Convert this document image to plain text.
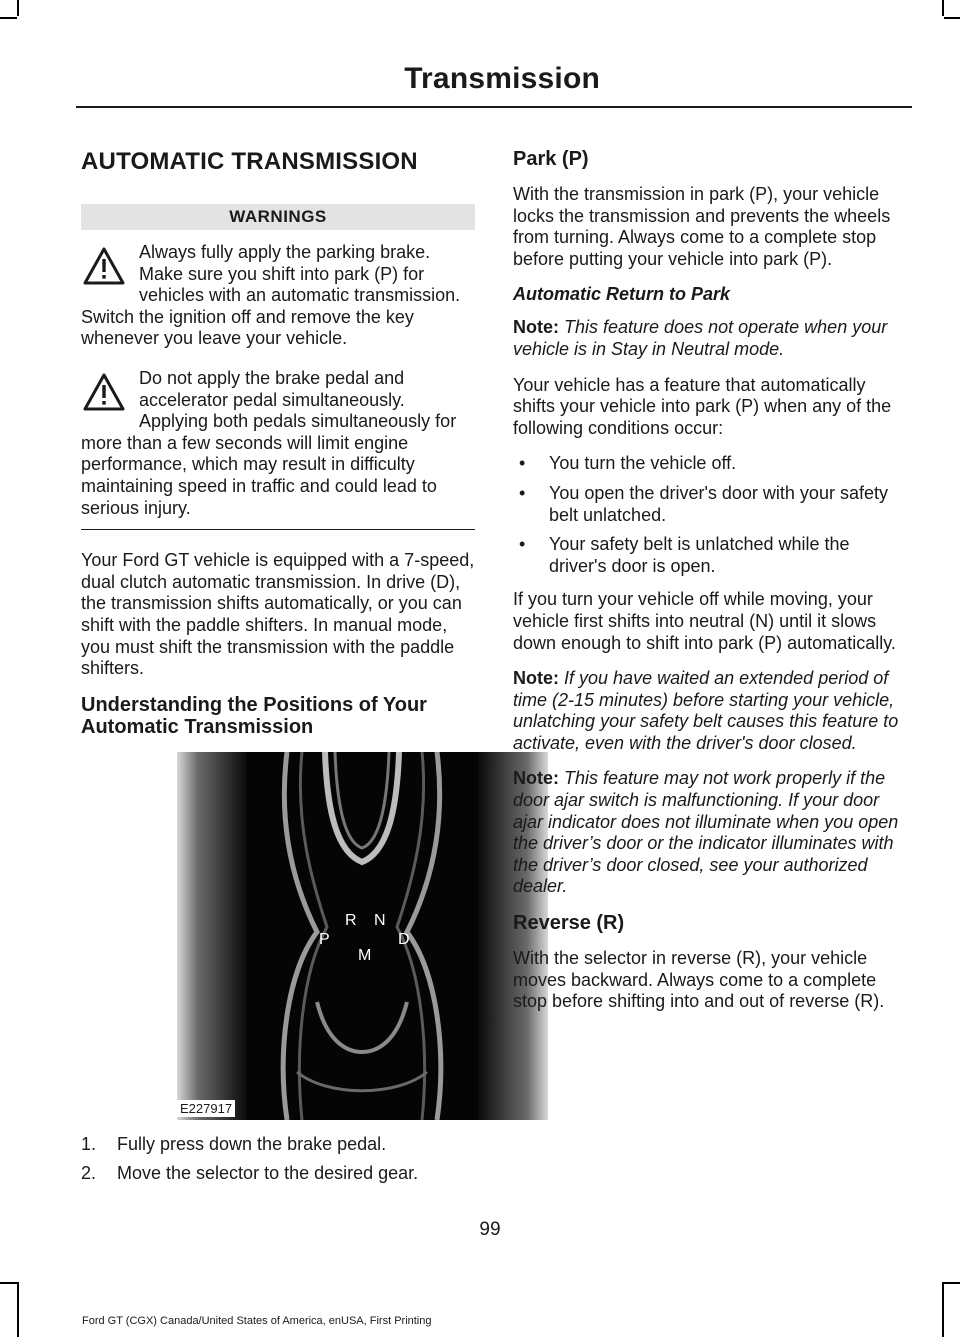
Transmission
AUTOMATIC TRANSMISSION
WARNINGS
Always fully apply the parking brake. Make sure you shift into park (P) for vehicles with an automatic transmission. Switch the ignition off and remove the key whenever you leave your vehicle.
Do not apply the brake pedal and accelerator pedal simultaneously. Applying both pedals simultaneously for more than a few seconds will limit engine performance, which may result in difficulty maintaining speed in traffic and could lead to serious injury.

Your Ford GT vehicle is equipped with a 7-speed, dual clutch automatic transmission. In drive (D), the transmission shifts automatically, or you can shift with the paddle shifters. In manual mode, you must shift the transmission with the paddle shifters.

Understanding the Positions of Your Automatic Transmission
R N
P	D
M
E227917
1. Fully press down the brake pedal.
2. Move the selector to the desired gear.
Park (P)

With the transmission in park (P), your vehicle locks the transmission and prevents the wheels from turning. Always come to a complete stop before putting your vehicle into park (P).

Automatic Return to Park

Note: This feature does not operate when your vehicle is in Stay in Neutral mode.

Your vehicle has a feature that automatically shifts your vehicle into park (P) when any of the following conditions occur:

• You turn the vehicle off.
• You open the driver's door with your safety belt unlatched.
• Your safety belt is unlatched while the driver's door is open.

If you turn your vehicle off while moving, your vehicle first shifts into neutral (N) until it slows down enough to shift into park (P) automatically.

Note: If you have waited an extended period of time (2-15 minutes) before starting your vehicle, unlatching your safety belt causes this feature to activate, even with the driver's door closed.

Note: This feature may not work properly if the door ajar switch is malfunctioning. If your door ajar indicator does not illuminate when you open the driver’s door or the indicator illuminates with the driver’s door closed, see your authorized dealer.

Reverse (R)

With the selector in reverse (R), your vehicle moves backward. Always come to a complete stop before shifting into and out of reverse (R).

99
Ford GT (CGX) Canada/United States of America, enUSA, First Printing
